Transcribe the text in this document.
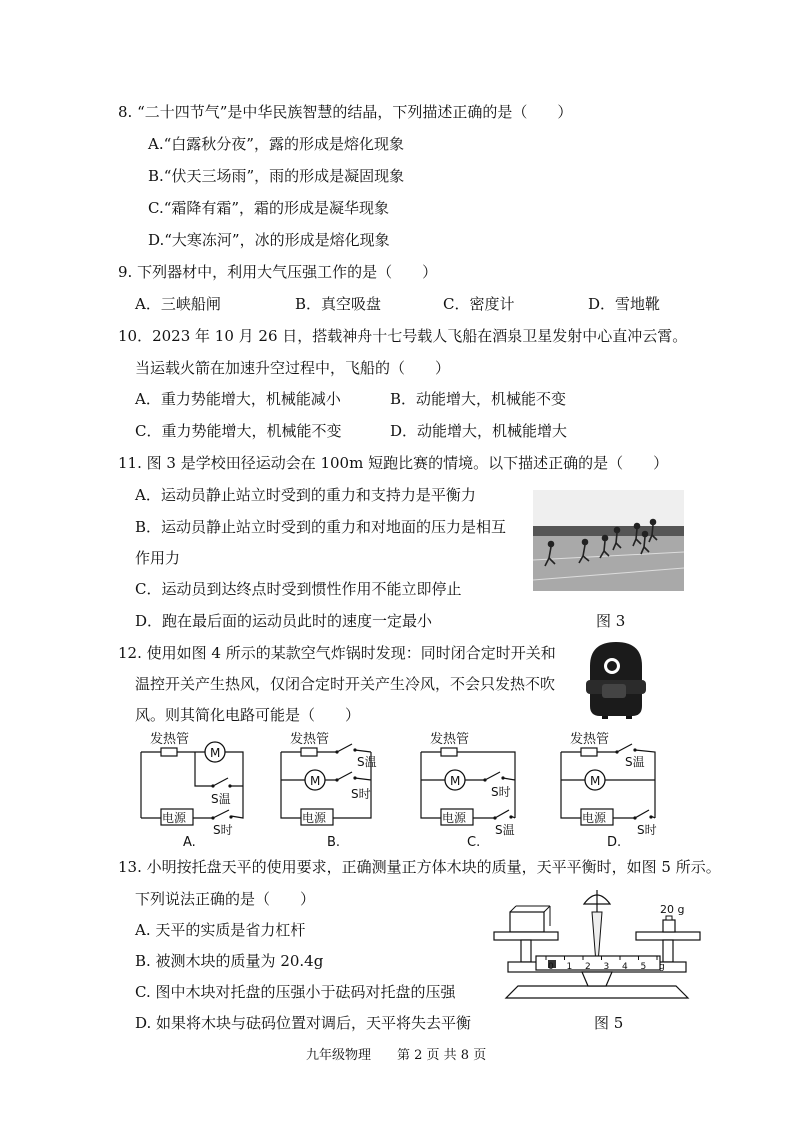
8. “二十四节气”是中华民族智慧的结晶，下列描述正确的是（　　）
A.“白露秋分夜”，露的形成是熔化现象
B.“伏天三场雨”，雨的形成是凝固现象
C.“霜降有霜”，霜的形成是凝华现象
D.“大寒冻河”，冰的形成是熔化现象
9. 下列器材中，利用大气压强工作的是（　　）
A．三峡船闸	B．真空吸盘	C．密度计	D．雪地靴
10．2023 年 10 月 26 日，搭载神舟十七号载人飞船在酒泉卫星发射中心直冲云霄。
当运载火箭在加速升空过程中，飞船的（　　）
A．重力势能增大，机械能减小	B．动能增大，机械能不变
C．重力势能增大，机械能不变	D．动能增大，机械能增大
11. 图 3 是学校田径运动会在 100m 短跑比赛的情境。以下描述正确的是（　　）
A．运动员静止站立时受到的重力和支持力是平衡力
B．运动员静止站立时受到的重力和对地面的压力是相互
作用力
C．运动员到达终点时受到惯性作用不能立即停止
D．跑在最后面的运动员此时的速度一定最小	图 3
12. 使用如图 4 所示的某款空气炸锅时发现：同时闭合定时开关和
温控开关产生热风，仅闭合定时开关产生冷风，不会只发热不吹
风。则其简化电路可能是（　　）
发热管
M
S温
电源
S时
A.
发热管
S温
M
S时
电源
B.
发热管
M
S时
电源
S温
C.
发热管
S温
M
电源
S时
D.
13. 小明按托盘天平的使用要求，正确测量正方体木块的质量，天平平衡时，如图 5 所示。
下列说法正确的是（　　）
A. 天平的实质是省力杠杆
B. 被测木块的质量为 20.4g
C. 图中木块对托盘的压强小于砝码对托盘的压强
D. 如果将木块与砝码位置对调后，天平将失去平衡
20 g
0 1 2 3 4 5 g
图 5
九年级物理　　第 2 页 共 8 页
